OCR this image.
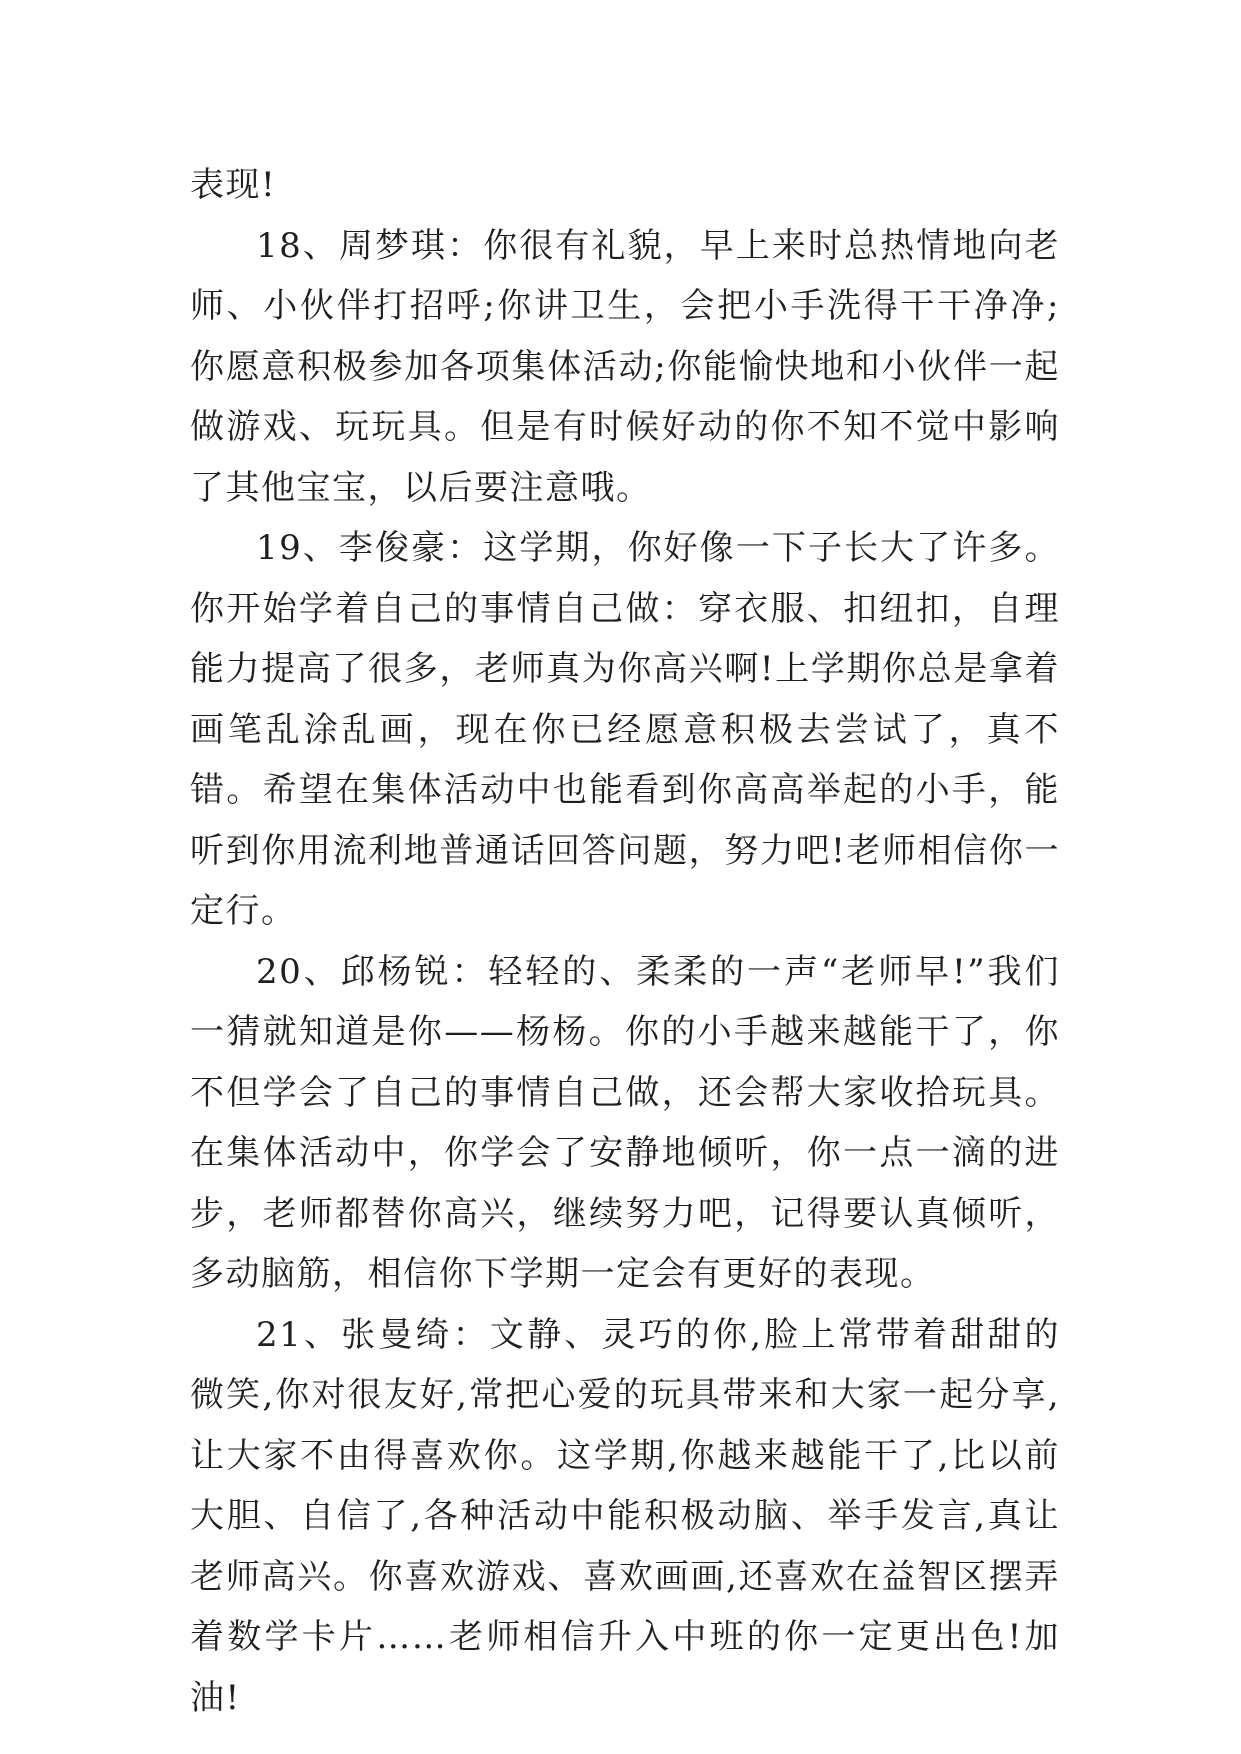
表现!

18、周梦琪：你很有礼貌，早上来时总热情地向老师、小伙伴打招呼;你讲卫生，会把小手洗得干干净净;你愿意积极参加各项集体活动;你能愉快地和小伙伴一起做游戏、玩玩具。但是有时候好动的你不知不觉中影响了其他宝宝，以后要注意哦。

19、李俊豪：这学期，你好像一下子长大了许多。你开始学着自己的事情自己做：穿衣服、扣纽扣，自理能力提高了很多，老师真为你高兴啊!上学期你总是拿着画笔乱涂乱画，现在你已经愿意积极去尝试了，真不错。希望在集体活动中也能看到你高高举起的小手，能听到你用流利地普通话回答问题，努力吧!老师相信你一定行。

20、邱杨锐：轻轻的、柔柔的一声“老师早!”我们一猜就知道是你——杨杨。你的小手越来越能干了，你不但学会了自己的事情自己做，还会帮大家收拾玩具。在集体活动中，你学会了安静地倾听，你一点一滴的进步，老师都替你高兴，继续努力吧，记得要认真倾听，多动脑筋，相信你下学期一定会有更好的表现。

21、张曼绮：文静、灵巧的你,脸上常带着甜甜的微笑,你对很友好,常把心爱的玩具带来和大家一起分享,让大家不由得喜欢你。这学期,你越来越能干了,比以前大胆、自信了,各种活动中能积极动脑、举手发言,真让老师高兴。你喜欢游戏、喜欢画画,还喜欢在益智区摆弄着数学卡片……老师相信升入中班的你一定更出色!加油!
